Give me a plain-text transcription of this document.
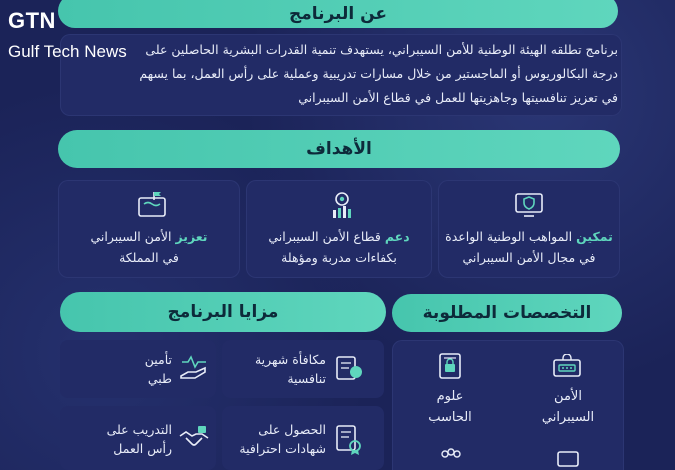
عن البرنامج
برنامج تطلقه الهيئة الوطنية للأمن السيبراني، يستهدف تنمية القدرات البشرية الحاصلين على
درجة البكالوريوس أو الماجستير من خلال مسارات تدريبية وعملية على رأس العمل، بما يسهم
في تعزيز تنافسيتها وجاهزيتها للعمل في قطاع الأمن السيبراني
الأهداف
تمكين المواهب الوطنية الواعدة
في مجال الأمن السيبراني
دعم قطاع الأمن السيبراني
بكفاءات مدربة ومؤهلة
تعزيز الأمن السيبراني
في المملكة
التخصصات المطلوبة
الأمن
السيبراني
علوم
الحاسب
مزايا البرنامج
مكافأة شهرية
تنافسية
تأمين
طبي
الحصول على
شهادات احترافية
التدريب على
رأس العمل
GTN
Gulf Tech News
